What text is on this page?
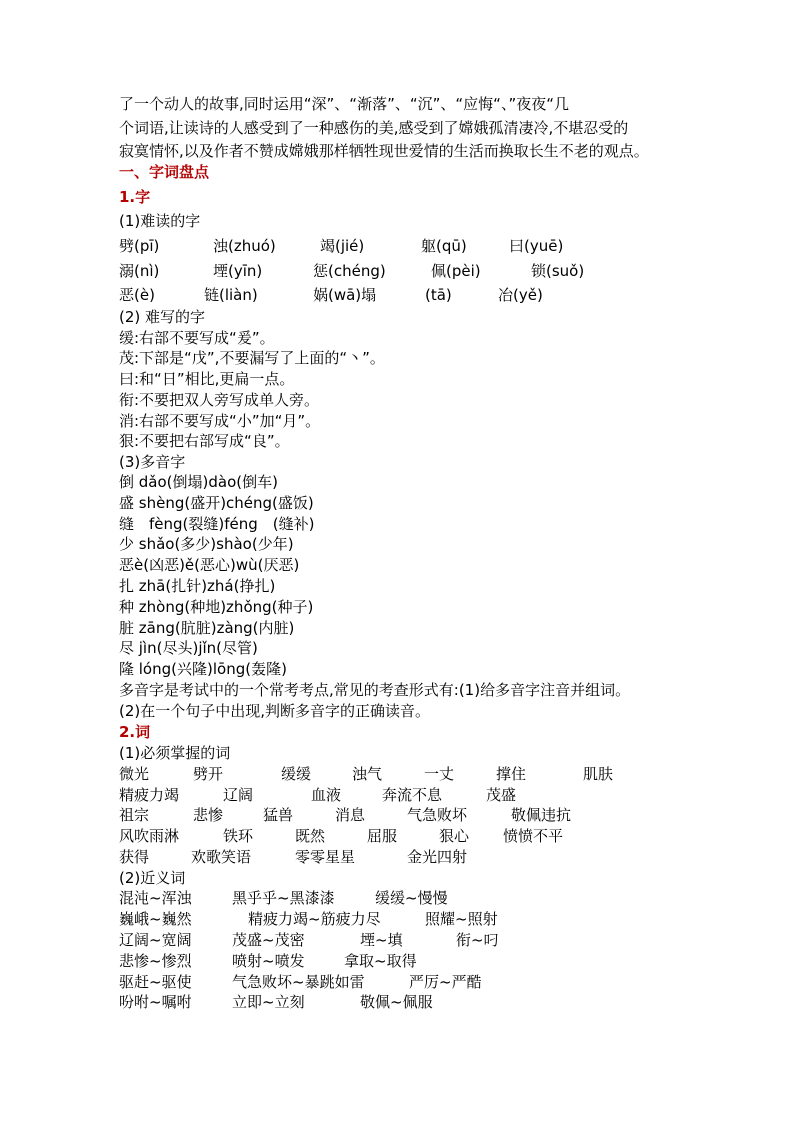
了一个动人的故事,同时运用“深”、“渐落”、“沉”、“应悔“、”夜夜“几
个词语,让读诗的人感受到了一种感伤的美,感受到了嫦娥孤清凄冷,不堪忍受的
寂寞情怀,以及作者不赞成嫦娥那样牺牲现世爱情的生活而换取长生不老的观点。
一、字词盘点
1.字
(1)难读的字
劈(pī)	浊(zhuó)	竭(jié)	躯(qū)	曰(yuē)
溺(nì)	堙(yīn)	惩(chéng)	佩(pèi)	锁(suǒ)
恶(è)	链(liàn)	娲(wā)塌	(tā)	冶(yě)
(2) 难写的字
缓:右部不要写成“爰”。
茂:下部是“戊”,不要漏写了上面的“丶”。
曰:和“日”相比,更扁一点。
衔:不要把双人旁写成单人旁。
消:右部不要写成“小”加“月”。
狠:不要把右部写成“良”。
(3)多音字
倒 dǎo(倒塌)dào(倒车)
盛 shèng(盛开)chéng(盛饭)
缝　fèng(裂缝)féng　(缝补)
少 shǎo(多少)shào(少年)
恶è(凶恶)ě(恶心)wù(厌恶)
扎 zhā(扎针)zhá(挣扎)
种 zhòng(种地)zhǒng(种子)
脏 zāng(肮脏)zàng(内脏)
尽 jìn(尽头)jǐn(尽管)
隆 lóng(兴隆)lōng(轰隆)
多音字是考试中的一个常考考点,常见的考查形式有:(1)给多音字注音并组词。
(2)在一个句子中出现,判断多音字的正确读音。
2.词
(1)必须掌握的词
微光	劈开	缓缓	浊气	一丈	撑住	肌肤
精疲力竭	辽阔	血液	奔流不息	茂盛
祖宗	悲惨	猛兽	消息	气急败坏	敬佩违抗
风吹雨淋	铁环	既然	屈服	狠心 愤愤不平
获得	欢歌笑语	零零星星	金光四射
(2)近义词
混沌~浑浊	黑乎乎~黑漆漆	缓缓~慢慢
巍峨~巍然	精疲力竭~筋疲力尽	照耀~照射
辽阔~宽阔	茂盛~茂密	堙~填	衔~叼
悲惨~惨烈	喷射~喷发	拿取~取得
驱赶~驱使	气急败坏~暴跳如雷	严厉~严酷
吩咐~嘱咐	立即~立刻	敬佩~佩服
